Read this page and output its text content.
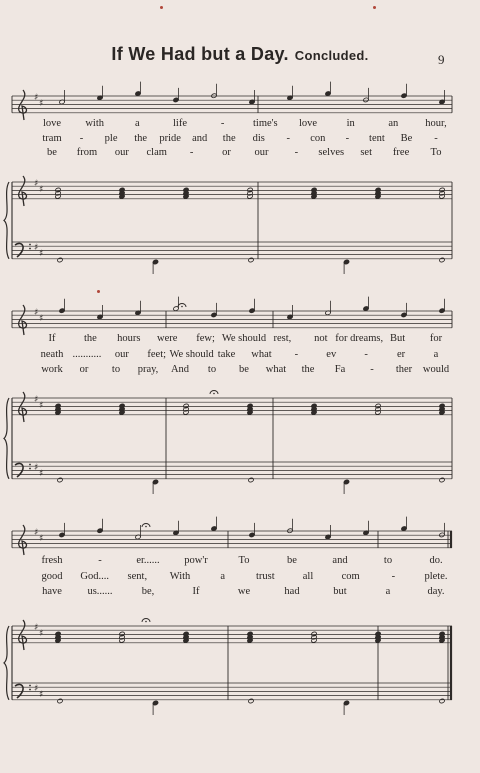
If We Had but a Day. Concluded.	9
♯
♯
♯
♯
♯
♯
♯
♯
♯
♯
♯
♯
♯
♯
♯
♯
♯
♯
love with	a	life	-	time's love	in	an	hour,
tram - ple the pride and the dis - con - tent Be -
be from our clam -	or our - selves set free To
If	the hours were few; We should rest, not for dreams, But for
neath ........... our feet; We should take what -	ev	-	er	a
work or to pray, And to be what the Fa - ther would
fresh	-	er...... pow'r	To	be	and	to	do.
good God.... sent, With	a	trust	all	com	-	plete.
have us......	be,	If	we	had	but	a	day.
